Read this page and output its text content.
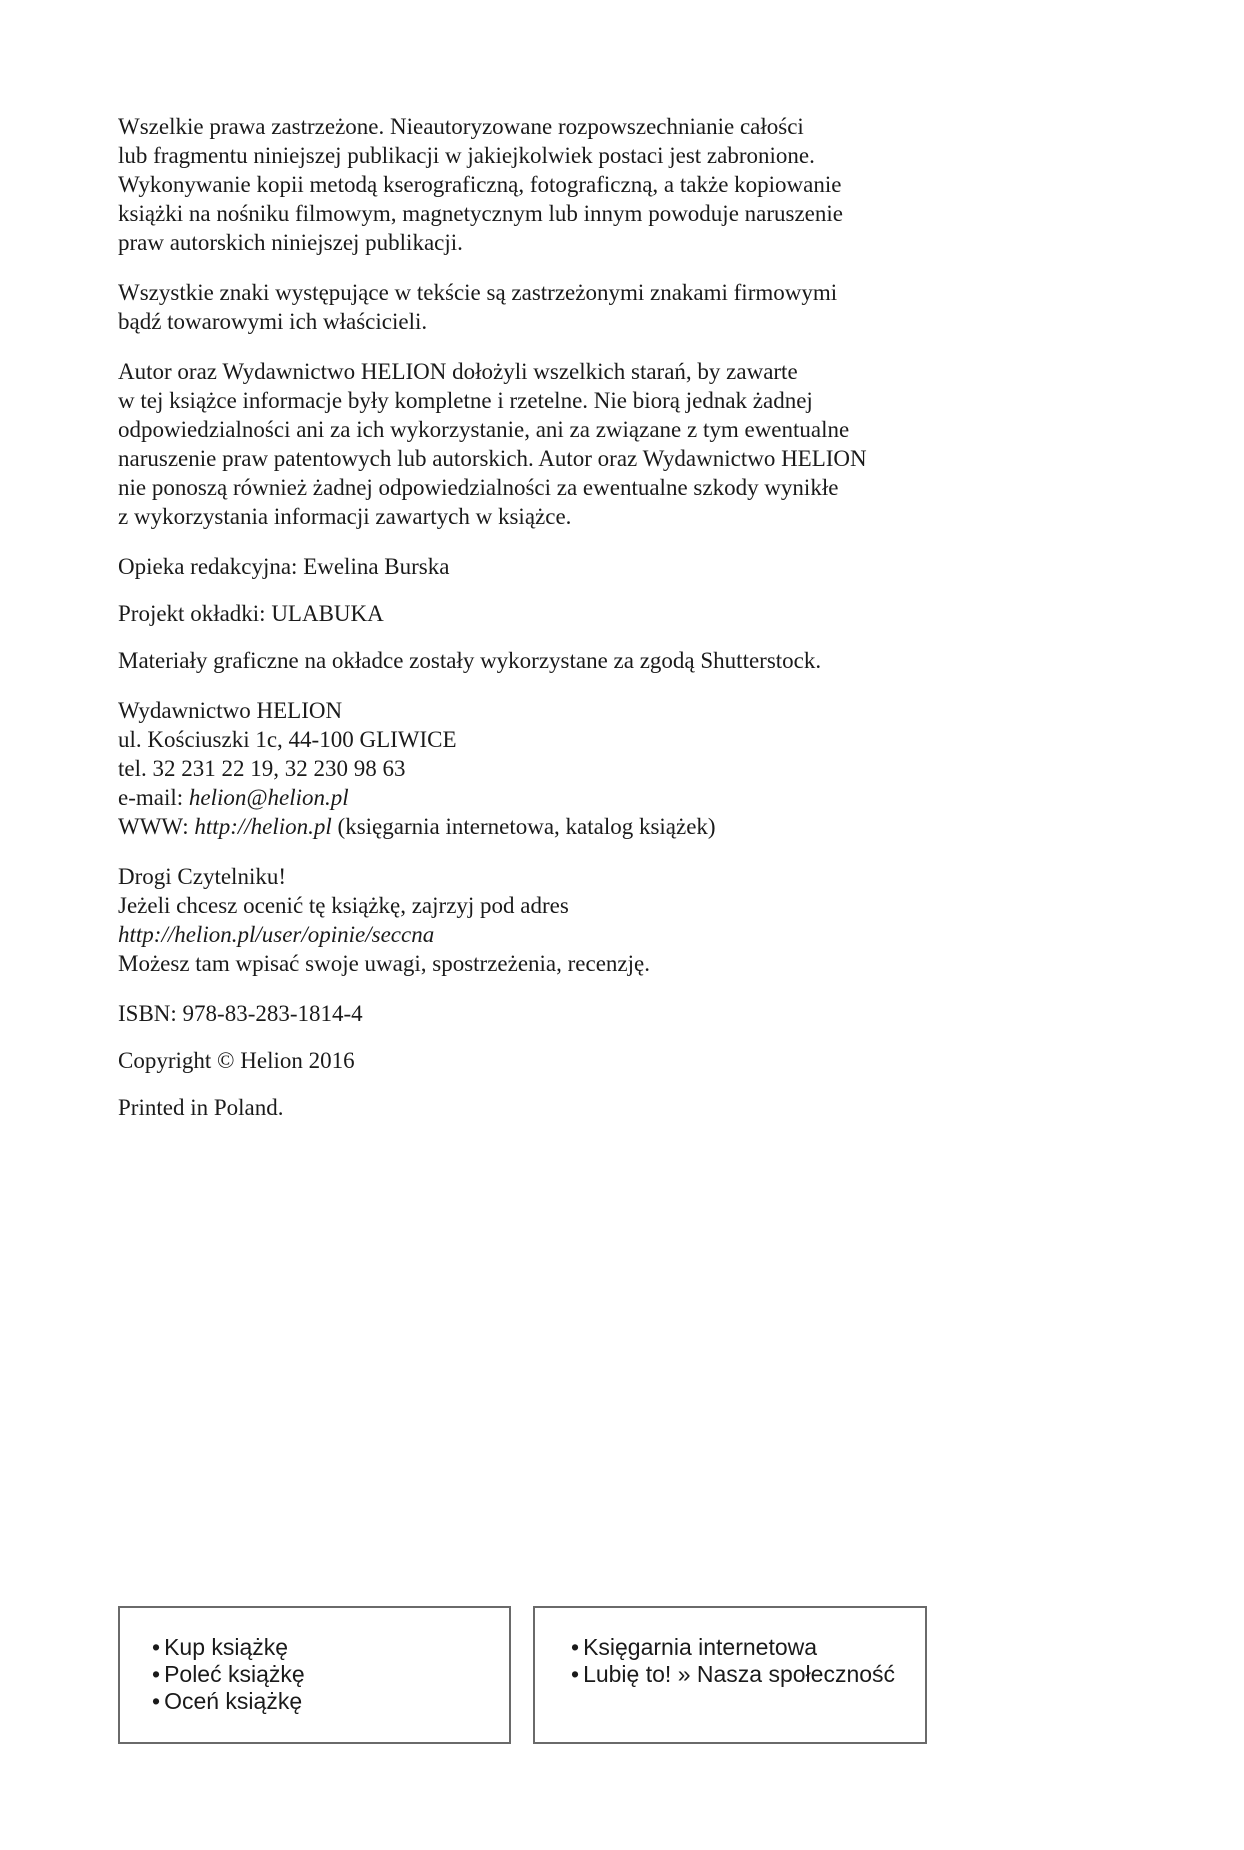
Wszelkie prawa zastrzeżone. Nieautoryzowane rozpowszechnianie całości

lub fragmentu niniejszej publikacji w jakiejkolwiek postaci jest zabronione.

Wykonywanie kopii metodą kserograficzną, fotograficzną, a także kopiowanie

książki na nośniku filmowym, magnetycznym lub innym powoduje naruszenie

praw autorskich niniejszej publikacji.

Wszystkie znaki występujące w tekście są zastrzeżonymi znakami firmowymi

bądź towarowymi ich właścicieli.

Autor oraz Wydawnictwo HELION dołożyli wszelkich starań, by zawarte

w tej książce informacje były kompletne i rzetelne. Nie biorą jednak żadnej

odpowiedzialności ani za ich wykorzystanie, ani za związane z tym ewentualne

naruszenie praw patentowych lub autorskich. Autor oraz Wydawnictwo HELION

nie ponoszą również żadnej odpowiedzialności za ewentualne szkody wynikłe

z wykorzystania informacji zawartych w książce.

Opieka redakcyjna: Ewelina Burska
Projekt okładki: ULABUKA
Materiały graficzne na okładce zostały wykorzystane za zgodą Shutterstock.

Wydawnictwo HELION

ul. Kościuszki 1c, 44-100 GLIWICE

tel. 32 231 22 19, 32 230 98 63

e-mail: helion@helion.pl

WWW: http://helion.pl (księgarnia internetowa, katalog książek)

Drogi Czytelniku!

Jeżeli chcesz ocenić tę książkę, zajrzyj pod adres

http://helion.pl/user/opinie/seccna

Możesz tam wpisać swoje uwagi, spostrzeżenia, recenzję.

ISBN: 978-83-283-1814-4
Copyright © Helion 2016
Printed in Poland.
• Kup książkę
• Poleć książkę
• Oceń książkę
• Księgarnia internetowa
• Lubię to! » Nasza społeczność
